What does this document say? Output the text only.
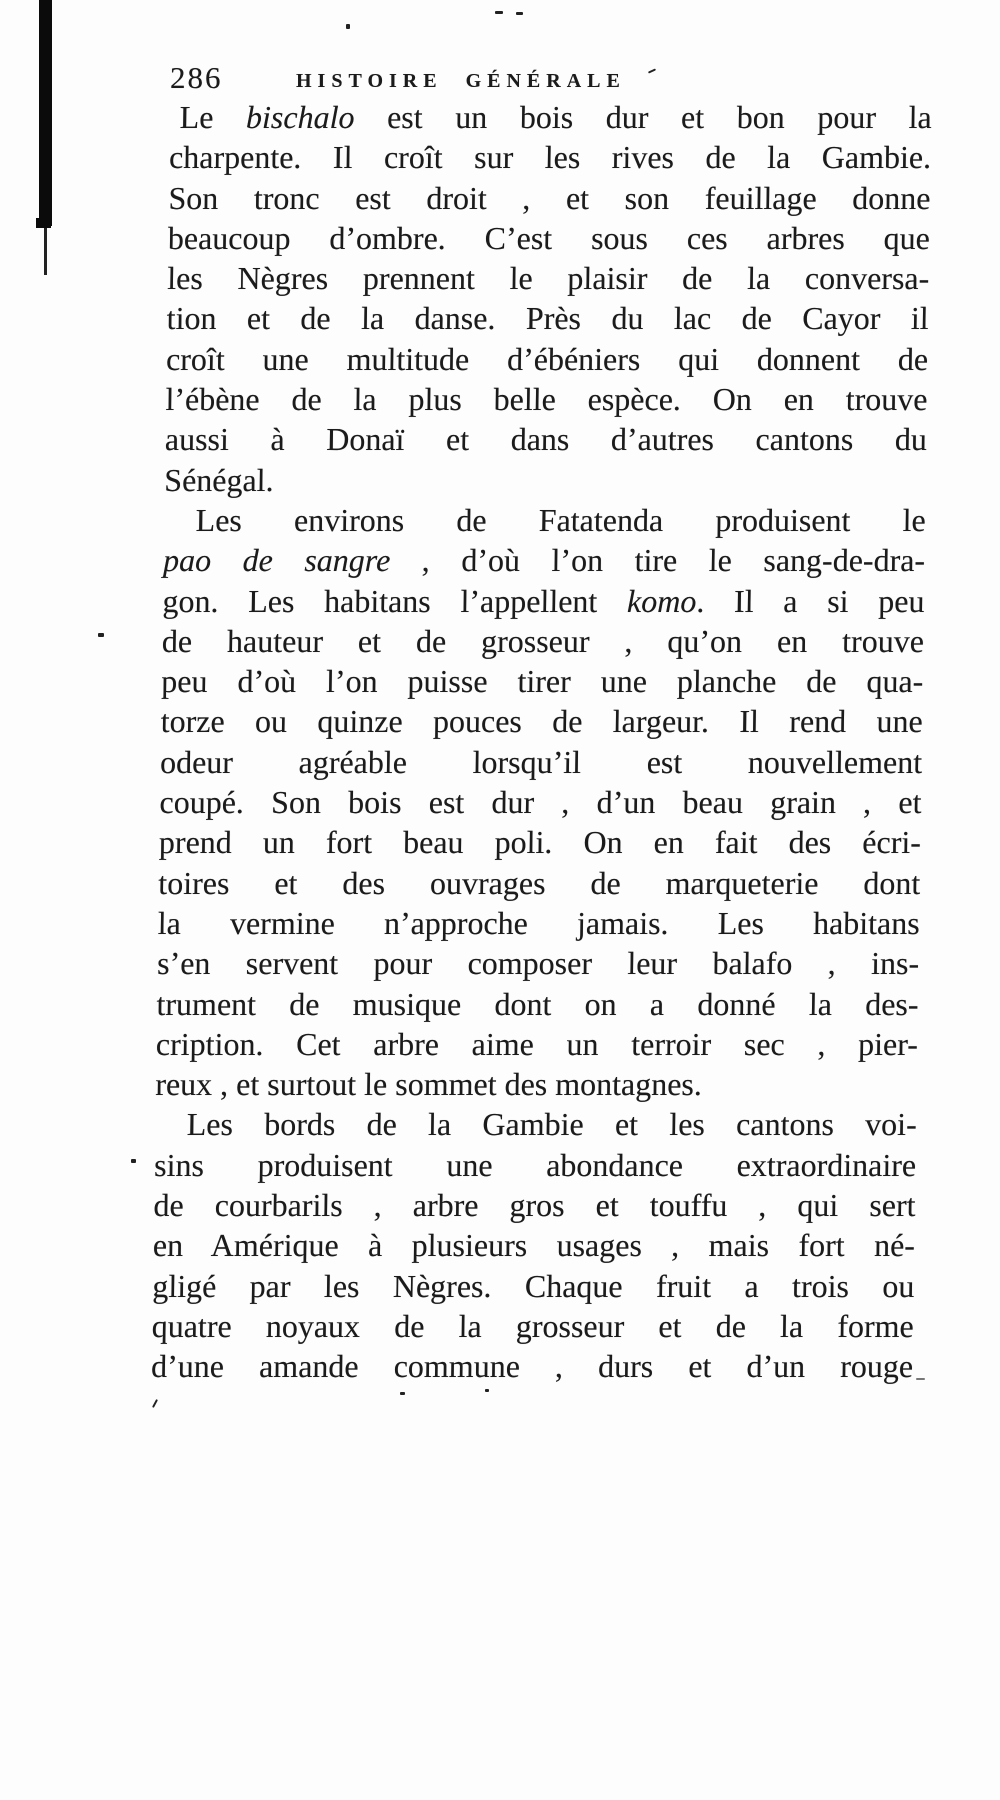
286	HISTOIRE GÉNÉRALE
Le bischalo est un bois dur et bon pour la
charpente. Il croît sur les rives de la Gambie.
Son tronc est droit , et son feuillage donne
beaucoup d’ombre. C’est sous ces arbres que
les Nègres prennent le plaisir de la conversa-
tion et de la danse. Près du lac de Cayor il
croît une multitude d’ébéniers qui donnent de
l’ébène de la plus belle espèce. On en trouve
aussi à Donaï et dans d’autres cantons du
Sénégal.
Les environs de Fatatenda produisent le
pao de sangre , d’où l’on tire le sang-de-dra-
gon. Les habitans l’appellent komo. Il a si peu
de hauteur et de grosseur , qu’on en trouve
peu d’où l’on puisse tirer une planche de qua-
torze ou quinze pouces de largeur. Il rend une
odeur agréable lorsqu’il est nouvellement
coupé. Son bois est dur , d’un beau grain , et
prend un fort beau poli. On en fait des écri-
toires et des ouvrages de marqueterie dont
la vermine n’approche jamais. Les habitans
s’en servent pour composer leur balafo , ins-
trument de musique dont on a donné la des-
cription. Cet arbre aime un terroir sec , pier-
reux , et surtout le sommet des montagnes.
Les bords de la Gambie et les cantons voi-
sins produisent une abondance extraordinaire
de courbarils , arbre gros et touffu , qui sert
en Amérique à plusieurs usages , mais fort né-
gligé par les Nègres. Chaque fruit a trois ou
quatre noyaux de la grosseur et de la forme
d’une amande commune , durs et d’un rouge
